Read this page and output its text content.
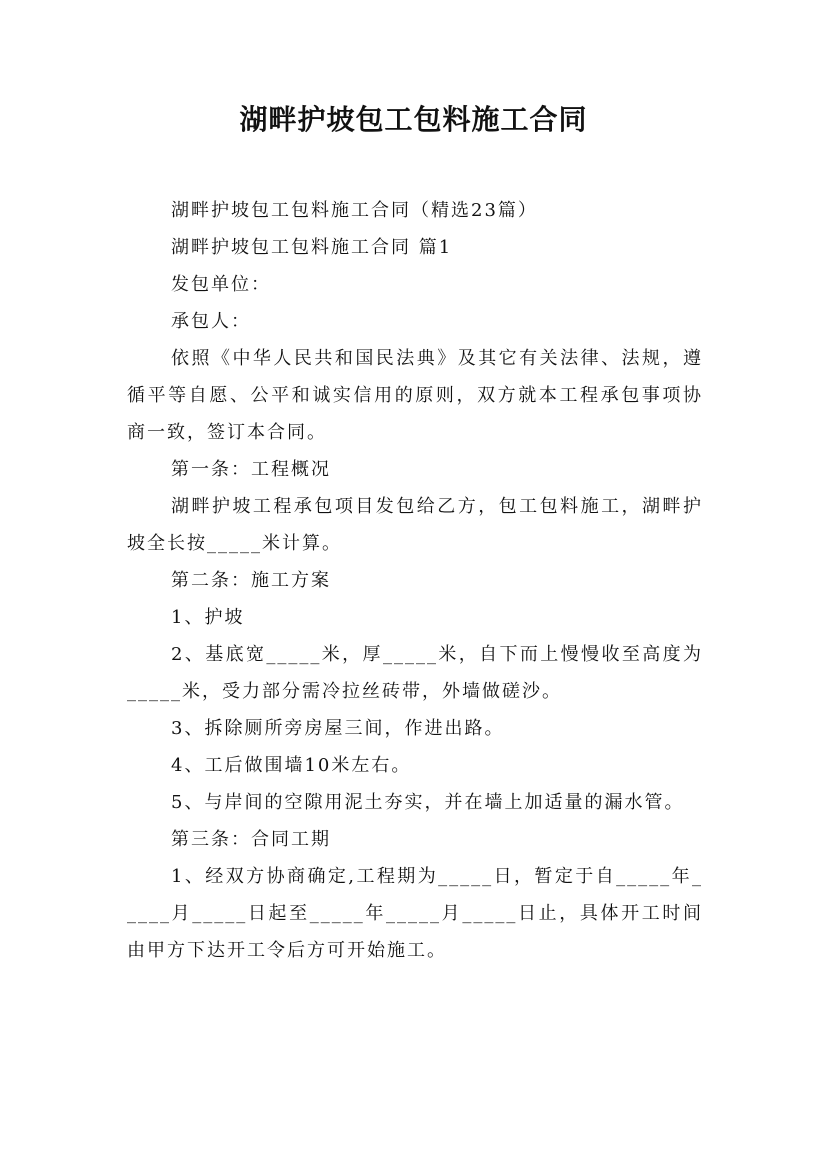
湖畔护坡包工包料施工合同

湖畔护坡包工包料施工合同（精选23篇）

湖畔护坡包工包料施工合同 篇1

发包单位：

承包人：

依照《中华人民共和国民法典》及其它有关法律、法规，遵循平等自愿、公平和诚实信用的原则，双方就本工程承包事项协商一致，签订本合同。

第一条：工程概况

湖畔护坡工程承包项目发包给乙方，包工包料施工，湖畔护坡全长按_____米计算。

第二条：施工方案

1、护坡

2、基底宽_____米，厚_____米，自下而上慢慢收至高度为_____米，受力部分需冷拉丝砖带，外墙做磋沙。

3、拆除厕所旁房屋三间，作进出路。

4、工后做围墙10米左右。

5、与岸间的空隙用泥土夯实，并在墙上加适量的漏水管。

第三条：合同工期

1、经双方协商确定,工程期为_____日，暂定于自_____年_____月_____日起至_____年_____月_____日止，具体开工时间由甲方下达开工令后方可开始施工。
